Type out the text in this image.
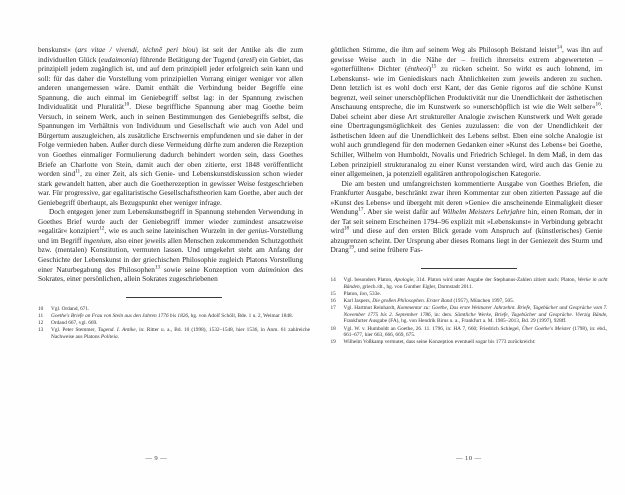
benskunst« (ars vitae / vivendi, téchnē peri bíou) ist seit der Antike als die zum individuellen Glück (eudaimonia) führende Betätigung der Tugend (aretē) ein Gebiet, das prinzipiell jedem zugänglich ist, und auf dem prinzipiell jeder erfolgreich sein kann und soll: für das daher die Vorstellung vom prinzipiellen Vorrang einiger weniger vor allen anderen unangemessen wäre. Damit enthält die Verbindung beider Begriffe eine Spannung, die auch einmal im Geniebegriff selbst lag: in der Spannung zwischen Individualität und Pluralität$^{10}$. Diese begriffliche Spannung aber mag Goethe beim Versuch, in seinem Werk, auch in seinen Bestimmungen des Geniebegriffs selbst, die Spannungen im Verhältnis von Individuum und Gesellschaft wie auch von Adel und Bürgertum auszugleichen, als zusätzliche Erschwernis empfundenen und sie daher in der Folge vermieden haben. Außer durch diese Vermeidung dürfte zum anderen die Rezeption von Goethes einmaliger Formulierung dadurch behindert worden sein, dass Goethes Briefe an Charlotte von Stein, damit auch der oben zitierte, erst 1848 veröffentlicht worden sind$^{11}$, zu einer Zeit, als sich Genie- und Lebenskunstdiskussion schon wieder stark gewandelt hatten, aber auch die Goetherezeption in gewisser Weise festgeschrieben war. Für progressive, gar egalitaristische Gesellschaftstheorien kam Goethe, aber auch der Geniebegriff überhaupt, als Bezugspunkt eher weniger infrage.

Doch entgegen jener zum Lebenskunstbegriff in Spannung stehenden Verwendung in Goethes Brief wurde auch der Geniebegriff immer wieder zumindest ansatzweise »egalitär« konzipiert$^{12}$, wie es auch seine lateinischen Wurzeln in der genius-Vorstellung und im Begriff ingenium, also einer jeweils allen Menschen zukommenden Schutzgottheit bzw. (mentalen) Konstitution, vermuten lassen. Und umgekehrt steht am Anfang der Geschichte der Lebenskunst in der griechischen Philosophie zugleich Platons Vorstellung einer Naturbegabung des Philosophen$^{13}$ sowie seine Konzeption vom daimónion des Sokrates, einer persönlichen, allein Sokrates zugeschriebenen

10	Vgl. Ordand, 671.
11	Goethe's Briefe an Frau von Stein aus den Jahren 1776 bis 1826, hg. von Adolf Schöll, Bde. 1 u. 2, Weimar 1848.
12	Ordand 667, vgl. 669.
13	Vgl. Peter Stemmer, Tugend. I. Antike, in: Ritter u. a., Bd. 10 (1998), 1532–1548, hier 1536, in Anm. 61 zahlreiche Nachweise aus Platons Politeia.
— 9 —

göttlichen Stimme, die ihm auf seinem Weg als Philosoph Beistand leistet$^{14}$, was ihn auf gewisse Weise auch in die Nähe der – freilich ihrerseits extrem abgewerteten – »gotterfüllten« Dichter (éntheoi)$^{15}$ zu rücken scheint. So wirkt es auch lohnend, im Lebenskunst- wie im Geniediskurs nach Ähnlichkeiten zum jeweils anderen zu suchen. Denn letzlich ist es wohl doch erst Kant, der das Genie rigoros auf die schöne Kunst begrenzt, weil seiner unerschöpflichen Produktivität nur die Unendlichkeit der ästhetischen Anschauung entspreche, die im Kunstwerk so »unerschöpflich ist wie die Welt selber«$^{16}$. Dabei scheint aber diese Art struktureller Analogie zwischen Kunstwerk und Welt gerade eine Übertragungsmöglichkeit des Genies zuzulassen: die von der Unendlichkeit der ästhetischen Ideen auf die Unendlichkeit des Lebens selbst. Eben eine solche Analogie ist wohl auch grundlegend für den modernen Gedanken einer »Kunst des Lebens« bei Goethe, Schiller, Wilhelm von Humboldt, Novalis und Friedrich Schlegel. In dem Maß, in dem das Leben prinzipiell strukturanalog zu einer Kunst verstanden wird, wird auch das Genie zu einer allgemeinen, ja potenziell egalitären anthropologischen Kategorie.

Die am besten und umfangreichsten kommentierte Ausgabe von Goethes Briefen, die Frankfurter Ausgabe, beschränkt zwar ihren Kommentar zur oben zitierten Passage auf die »Kunst des Lebens« und übergeht mit deren »Genie« die anscheinende Einmaligkeit dieser Wendung$^{17}$. Aber sie weist dafür auf Wilhelm Meisters Lehrjahre hin, einen Roman, der in der Tat seit seinem Erscheinen 1794–96 explizit mit »Lebenskunst« in Verbindung gebracht wird$^{18}$ und diese auf den ersten Blick gerade vom Anspruch auf (künstlerisches) Genie abzugrenzen scheint. Der Ursprung aber dieses Romans liegt in der Geniezeit des Sturm und Drang$^{19}$, und seine frühere Fas-

14	Vgl. besonders Platon, Apologie, 31d. Platon wird unter Angabe der Stephanus-Zahlen zitiert nach: Platon, Werke in acht Bänden, griech./dt., hg. von Gunther Eigler, Darmstadt 2011.
15	Platon, Ion, 533e.
16	Karl Jaspers, Die großen Philosophen. Erster Band (1957), München 1997, 505.
17	Vgl. Hartmut Reinhardt, Kommentar zu: Goethe, Das erste Weimarer Jahrzehnt. Briefe, Tagebücher und Gespräche vom 7. November 1775 bis 2. September 1786, in: ders. Sämtliche Werke, Briefe, Tagebücher und Gespräche. Vierzig Bände, Frankfurter Ausgabe (FA), hg. von Hendrik Birus u. a., Frankfurt a. M. 1985–2013, Bd. 29 (1997), 928ff.
18	Vgl. W. v. Humboldt an Goethe, 26. 11. 1796, in: HA 7, 660; Friedrich Schlegel, Über Goethe's Meister (1798), in: ebd., 661–677, hier 663, 666, 669, 675.
19	Wilhelm Voßkamp vermutet, dass seine Konzeption eventuell sogar bis 1773 zurückreicht:
— 10 —
